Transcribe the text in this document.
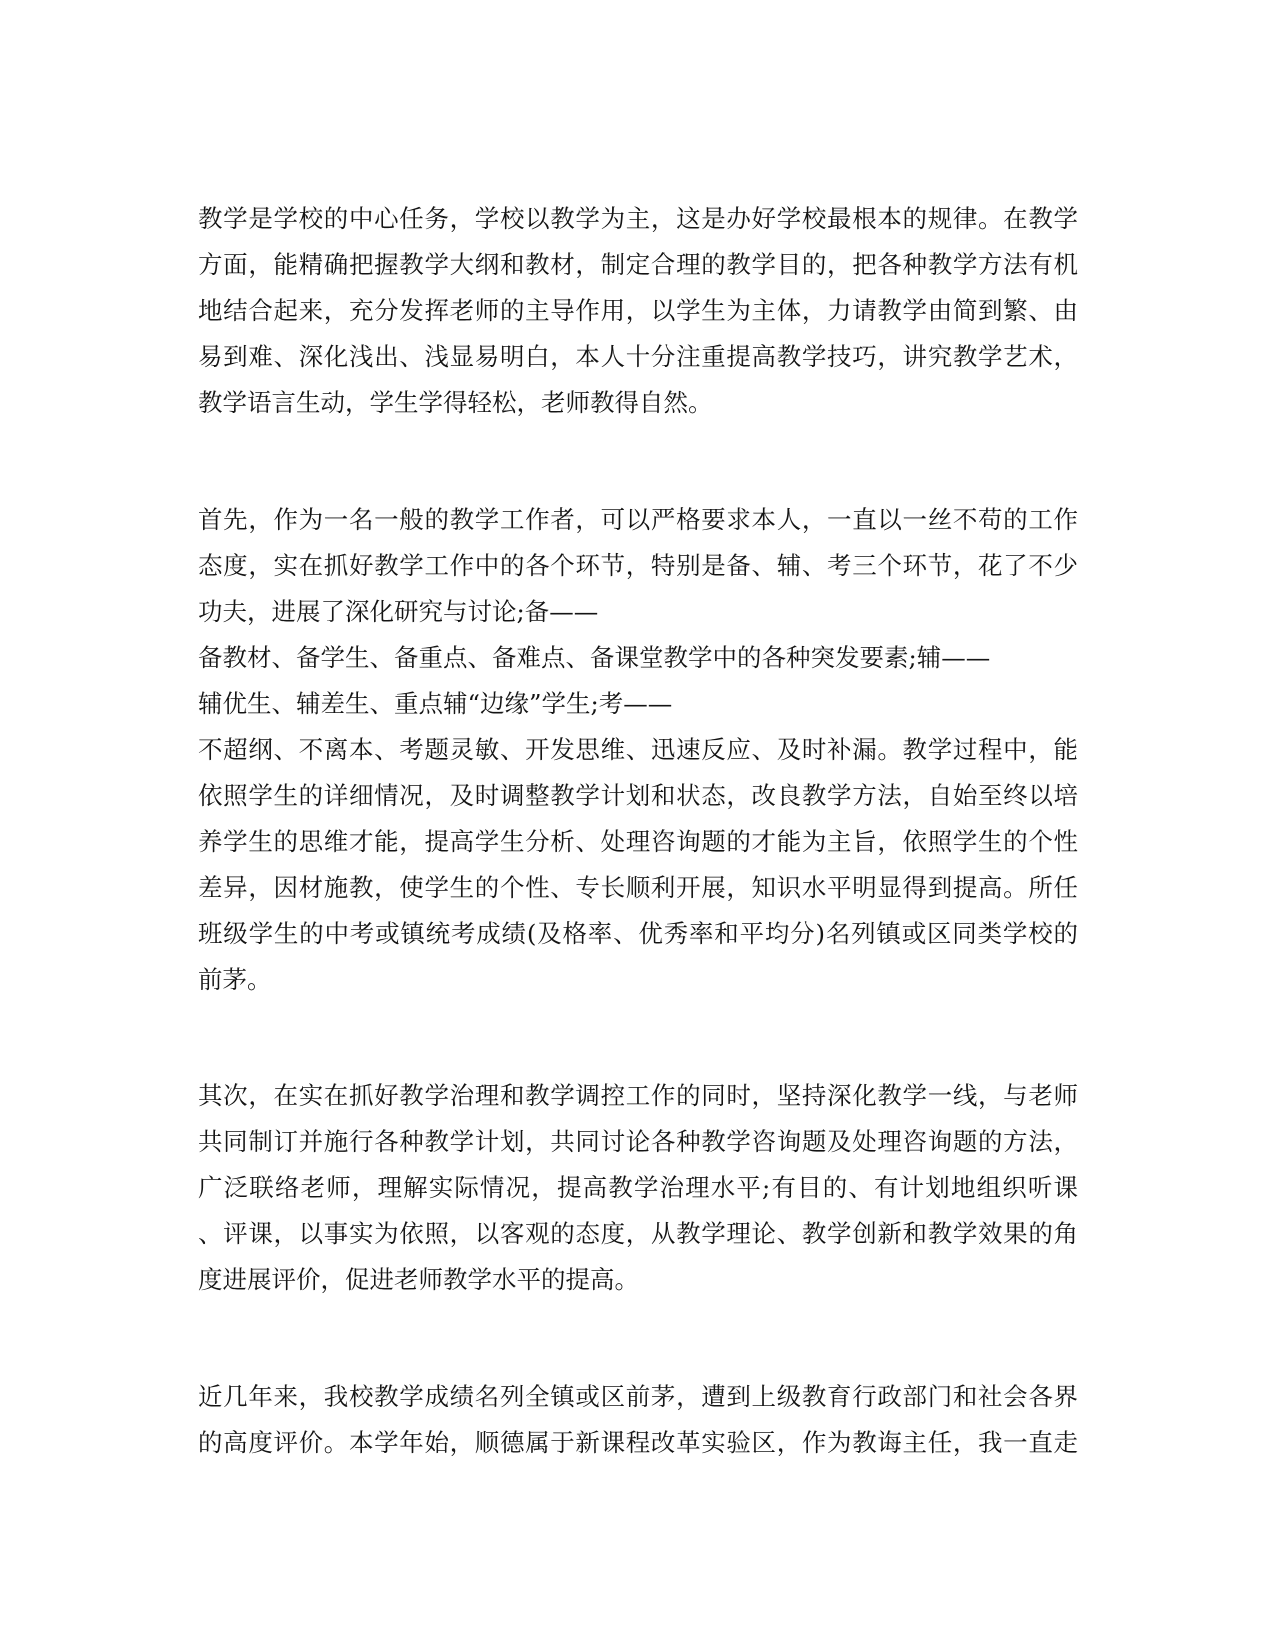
教学是学校的中心任务，学校以教学为主，这是办好学校最根本的规律。在教学
方面，能精确把握教学大纲和教材，制定合理的教学目的，把各种教学方法有机
地结合起来，充分发挥老师的主导作用，以学生为主体，力请教学由简到繁、由
易到难、深化浅出、浅显易明白，本人十分注重提高教学技巧，讲究教学艺术，
教学语言生动，学生学得轻松，老师教得自然。
首先，作为一名一般的教学工作者，可以严格要求本人，一直以一丝不苟的工作
态度，实在抓好教学工作中的各个环节，特别是备、辅、考三个环节，花了不少
功夫，进展了深化研究与讨论;备——
备教材、备学生、备重点、备难点、备课堂教学中的各种突发要素;辅——
辅优生、辅差生、重点辅“边缘”学生;考——
不超纲、不离本、考题灵敏、开发思维、迅速反应、及时补漏。教学过程中，能
依照学生的详细情况，及时调整教学计划和状态，改良教学方法，自始至终以培
养学生的思维才能，提高学生分析、处理咨询题的才能为主旨，依照学生的个性
差异，因材施教，使学生的个性、专长顺利开展，知识水平明显得到提高。所任
班级学生的中考或镇统考成绩(及格率、优秀率和平均分)名列镇或区同类学校的
前茅。
其次，在实在抓好教学治理和教学调控工作的同时，坚持深化教学一线，与老师
共同制订并施行各种教学计划，共同讨论各种教学咨询题及处理咨询题的方法，
广泛联络老师，理解实际情况，提高教学治理水平;有目的、有计划地组织听课
、评课，以事实为依照，以客观的态度，从教学理论、教学创新和教学效果的角
度进展评价，促进老师教学水平的提高。
近几年来，我校教学成绩名列全镇或区前茅，遭到上级教育行政部门和社会各界
的高度评价。本学年始，顺德属于新课程改革实验区，作为教诲主任，我一直走
